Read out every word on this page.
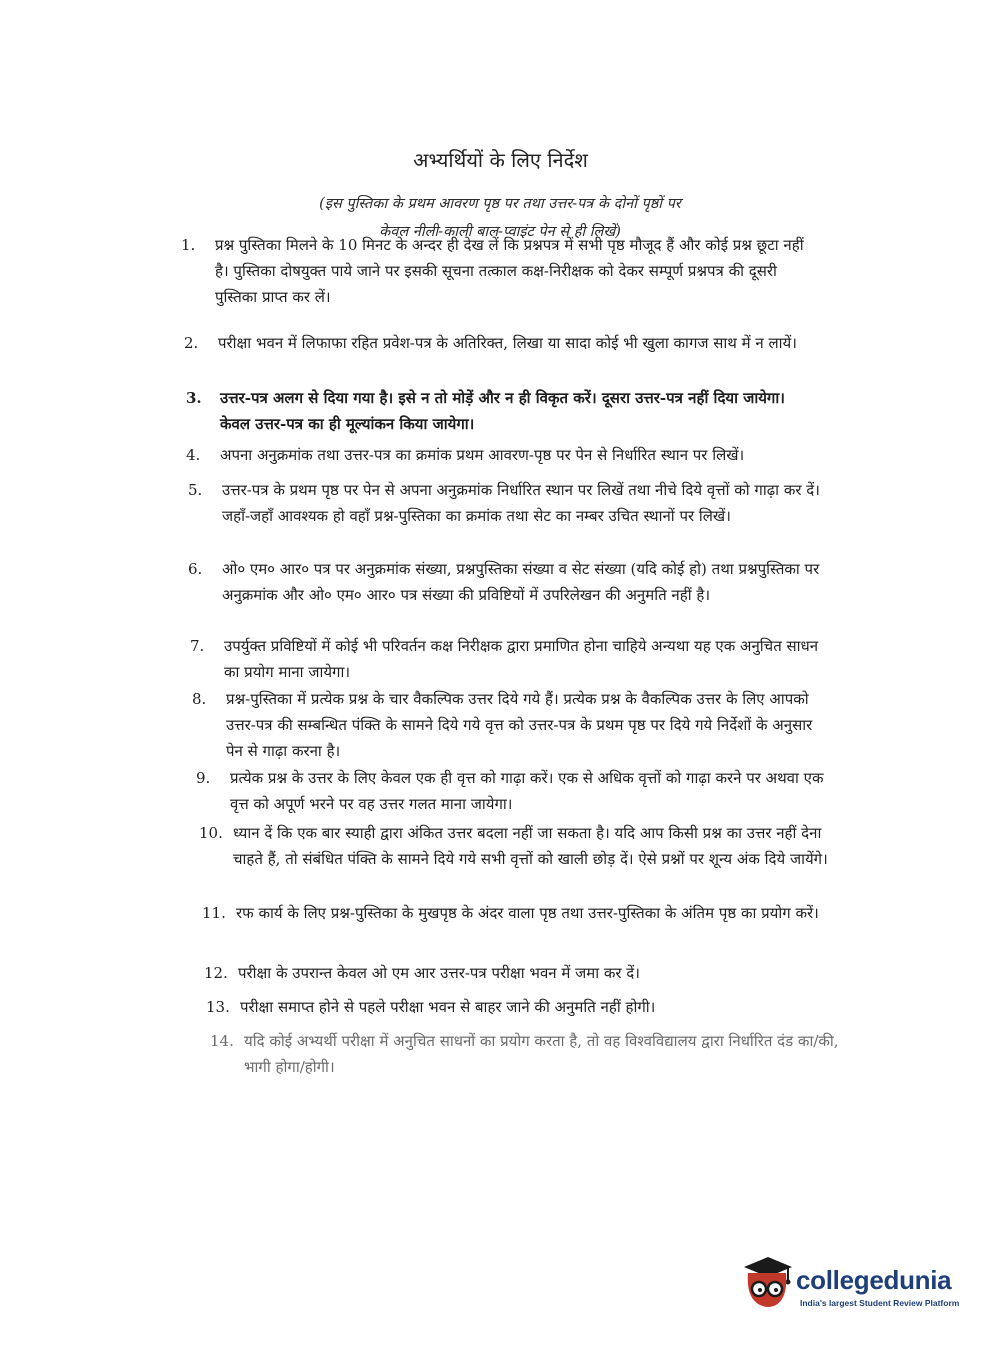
अभ्यर्थियों के लिए निर्देश
(इस पुस्तिका के प्रथम आवरण पृष्ठ पर तथा उत्तर-पत्र के दोनों पृष्ठों पर
केवल नीली-काली बाल-प्वाइंट पेन से ही लिखें)
1.	प्रश्न पुस्तिका मिलने के 10 मिनट के अन्दर ही देख लें कि प्रश्नपत्र में सभी पृष्ठ मौजूद हैं और कोई प्रश्न छूटा नहीं है। पुस्तिका दोषयुक्त पाये जाने पर इसकी सूचना तत्काल कक्ष-निरीक्षक को देकर सम्पूर्ण प्रश्नपत्र की दूसरी पुस्तिका प्राप्त कर लें।
2.	परीक्षा भवन में लिफाफा रहित प्रवेश-पत्र के अतिरिक्त, लिखा या सादा कोई भी खुला कागज साथ में न लायें।
3.	उत्तर-पत्र अलग से दिया गया है। इसे न तो मोड़ें और न ही विकृत करें। दूसरा उत्तर-पत्र नहीं दिया जायेगा। केवल उत्तर-पत्र का ही मूल्यांकन किया जायेगा।
4.	अपना अनुक्रमांक तथा उत्तर-पत्र का क्रमांक प्रथम आवरण-पृष्ठ पर पेन से निर्धारित स्थान पर लिखें।
5.	उत्तर-पत्र के प्रथम पृष्ठ पर पेन से अपना अनुक्रमांक निर्धारित स्थान पर लिखें तथा नीचे दिये वृत्तों को गाढ़ा कर दें। जहाँ-जहाँ आवश्यक हो वहाँ प्रश्न-पुस्तिका का क्रमांक तथा सेट का नम्बर उचित स्थानों पर लिखें।
6.	ओ० एम० आर० पत्र पर अनुक्रमांक संख्या, प्रश्नपुस्तिका संख्या व सेट संख्या (यदि कोई हो) तथा प्रश्नपुस्तिका पर अनुक्रमांक और ओ० एम० आर० पत्र संख्या की प्रविष्टियों में उपरिलेखन की अनुमति नहीं है।
7.	उपर्युक्त प्रविष्टियों में कोई भी परिवर्तन कक्ष निरीक्षक द्वारा प्रमाणित होना चाहिये अन्यथा यह एक अनुचित साधन का प्रयोग माना जायेगा।
8.	प्रश्न-पुस्तिका में प्रत्येक प्रश्न के चार वैकल्पिक उत्तर दिये गये हैं। प्रत्येक प्रश्न के वैकल्पिक उत्तर के लिए आपको उत्तर-पत्र की सम्बन्धित पंक्ति के सामने दिये गये वृत्त को उत्तर-पत्र के प्रथम पृष्ठ पर दिये गये निर्देशों के अनुसार पेन से गाढ़ा करना है।
9.	प्रत्येक प्रश्न के उत्तर के लिए केवल एक ही वृत्त को गाढ़ा करें। एक से अधिक वृत्तों को गाढ़ा करने पर अथवा एक वृत्त को अपूर्ण भरने पर वह उत्तर गलत माना जायेगा।
10. ध्यान दें कि एक बार स्याही द्वारा अंकित उत्तर बदला नहीं जा सकता है। यदि आप किसी प्रश्न का उत्तर नहीं देना चाहते हैं, तो संबंधित पंक्ति के सामने दिये गये सभी वृत्तों को खाली छोड़ दें। ऐसे प्रश्नों पर शून्य अंक दिये जायेंगे।
11. रफ कार्य के लिए प्रश्न-पुस्तिका के मुखपृष्ठ के अंदर वाला पृष्ठ तथा उत्तर-पुस्तिका के अंतिम पृष्ठ का प्रयोग करें।
12. परीक्षा के उपरान्त केवल ओ एम आर उत्तर-पत्र परीक्षा भवन में जमा कर दें।
13. परीक्षा समाप्त होने से पहले परीक्षा भवन से बाहर जाने की अनुमति नहीं होगी।
14. यदि कोई अभ्यर्थी परीक्षा में अनुचित साधनों का प्रयोग करता है, तो वह विश्वविद्यालय द्वारा निर्धारित दंड का/की, भागी होगा/होगी।
collegedunia
India's largest Student Review Platform
